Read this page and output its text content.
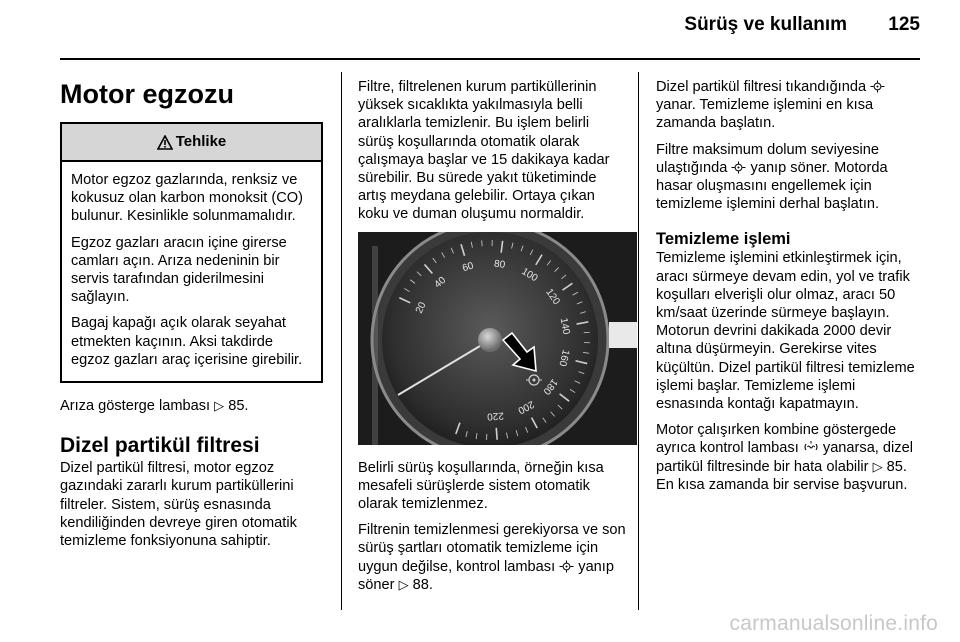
Sürüş ve kullanım 125
Motor egzozu
Tehlike

Motor egzoz gazlarında, renksiz ve kokusuz olan karbon monoksit (CO) bulunur. Kesinlikle solunmamalıdır.

Egzoz gazları aracın içine girerse camları açın. Arıza nedeninin bir servis tarafından giderilmesini sağlayın.

Bagaj kapağı açık olarak seyahat etmekten kaçının. Aksi takdirde egzoz gazları araç içerisine girebilir.

Arıza gösterge lambası ▷ 85.

Dizel partikül filtresi

Dizel partikül filtresi, motor egzoz gazındaki zararlı kurum partiküllerini filtreler. Sistem, sürüş esnasında kendiliğinden devreye giren otomatik temizleme fonksiyonuna sahiptir.

Filtre, filtrelenen kurum partiküllerinin yüksek sıcaklıkta yakılmasıyla belli aralıklarla temizlenir. Bu işlem belirli sürüş koşullarında otomatik olarak çalışmaya başlar ve 15 dakikaya kadar sürebilir. Bu sürede yakıt tüketiminde artış meydana gelebilir. Ortaya çıkan koku ve duman oluşumu normaldir.

20
40
60 80
100
120
140
160
180
200
220

Belirli sürüş koşullarında, örneğin kısa mesafeli sürüşlerde sistem otomatik olarak temizlenmez.

Filtrenin temizlenmesi gerekiyorsa ve son sürüş şartları otomatik temizleme için uygun değilse, kontrol lambası yanıp söner ▷ 88.

Dizel partikül filtresi tıkandığında  yanar. Temizleme işlemini en kısa zamanda başlatın.

Filtre maksimum dolum seviyesine ulaştığında yanıp söner. Motorda hasar oluşmasını engellemek için temizleme işlemini derhal başlatın.

Temizleme işlemi

Temizleme işlemini etkinleştirmek için, aracı sürmeye devam edin, yol ve trafik koşulları elverişli olur olmaz, aracı 50 km/saat üzerinde sürmeye başlayın. Motorun devrini dakikada 2000 devir altına düşürmeyin. Gerekirse vites küçültün. Dizel partikül filtresi temizleme işlemi başlar. Temizleme işlemi esnasında kontağı kapatmayın.

Motor çalışırken kombine göstergede ayrıca kontrol lambası yanarsa, dizel partikül filtresinde bir hata olabilir ▷ 85. En kısa zamanda bir servise başvurun.

carmanualsonline.info
